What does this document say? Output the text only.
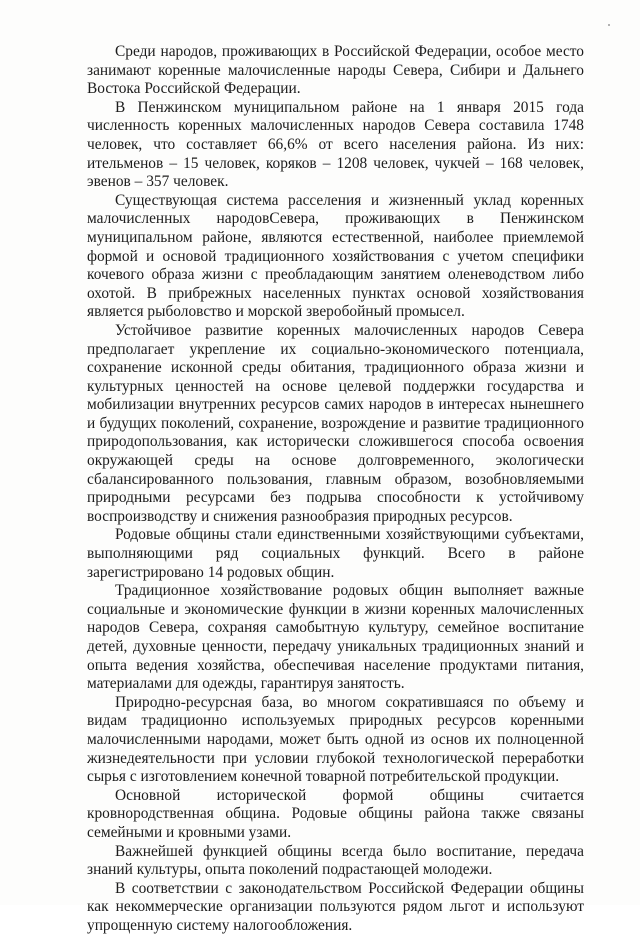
Среди народов, проживающих в Российской Федерации, особое место занимают коренные малочисленные народы Севера, Сибири и Дальнего Востока Российской Федерации.

В Пенжинском муниципальном районе на 1 января 2015 года численность коренных малочисленных народов Севера составила 1748 человек, что составляет 66,6% от всего населения района. Из них: ительменов – 15 человек, коряков – 1208 человек, чукчей – 168 человек, эвенов – 357 человек.

Существующая система расселения и жизненный уклад коренных малочисленных народовСевера, проживающих в Пенжинском муниципальном районе, являются естественной, наиболее приемлемой формой и основой традиционного хозяйствования с учетом специфики кочевого образа жизни с преобладающим занятием оленеводством либо охотой. В прибрежных населенных пунктах основой хозяйствования является рыболовство и морской зверобойный промысел.

Устойчивое развитие коренных малочисленных народов Севера предполагает укрепление их социально-экономического потенциала, сохранение исконной среды обитания, традиционного образа жизни и культурных ценностей на основе целевой поддержки государства и мобилизации внутренних ресурсов самих народов в интересах нынешнего и будущих поколений, сохранение, возрождение и развитие традиционного природопользования, как исторически сложившегося способа освоения окружающей среды на основе долговременного, экологически сбалансированного пользования, главным образом, возобновляемыми природными ресурсами без подрыва способности к устойчивому воспроизводству и снижения разнообразия природных ресурсов.

Родовые общины стали единственными хозяйствующими субъектами, выполняющими ряд социальных функций. Всего в районе зарегистрировано 14 родовых общин.

Традиционное хозяйствование родовых общин выполняет важные социальные и экономические функции в жизни коренных малочисленных народов Севера, сохраняя самобытную культуру, семейное воспитание детей, духовные ценности, передачу уникальных традиционных знаний и опыта ведения хозяйства, обеспечивая население продуктами питания, материалами для одежды, гарантируя занятость.

Природно-ресурсная база, во многом сократившаяся по объему и видам традиционно используемых природных ресурсов коренными малочисленными народами, может быть одной из основ их полноценной жизнедеятельности при условии глубокой технологической переработки сырья с изготовлением конечной товарной потребительской продукции.

Основной исторической формой общины считается кровнородственная община. Родовые общины района также связаны семейными и кровными узами.

Важнейшей функцией общины всегда было воспитание, передача знаний культуры, опыта поколений подрастающей молодежи.

В соответствии с законодательством Российской Федерации общины как некоммерческие организации пользуются рядом льгот и используют упрощенную систему налогообложения.
